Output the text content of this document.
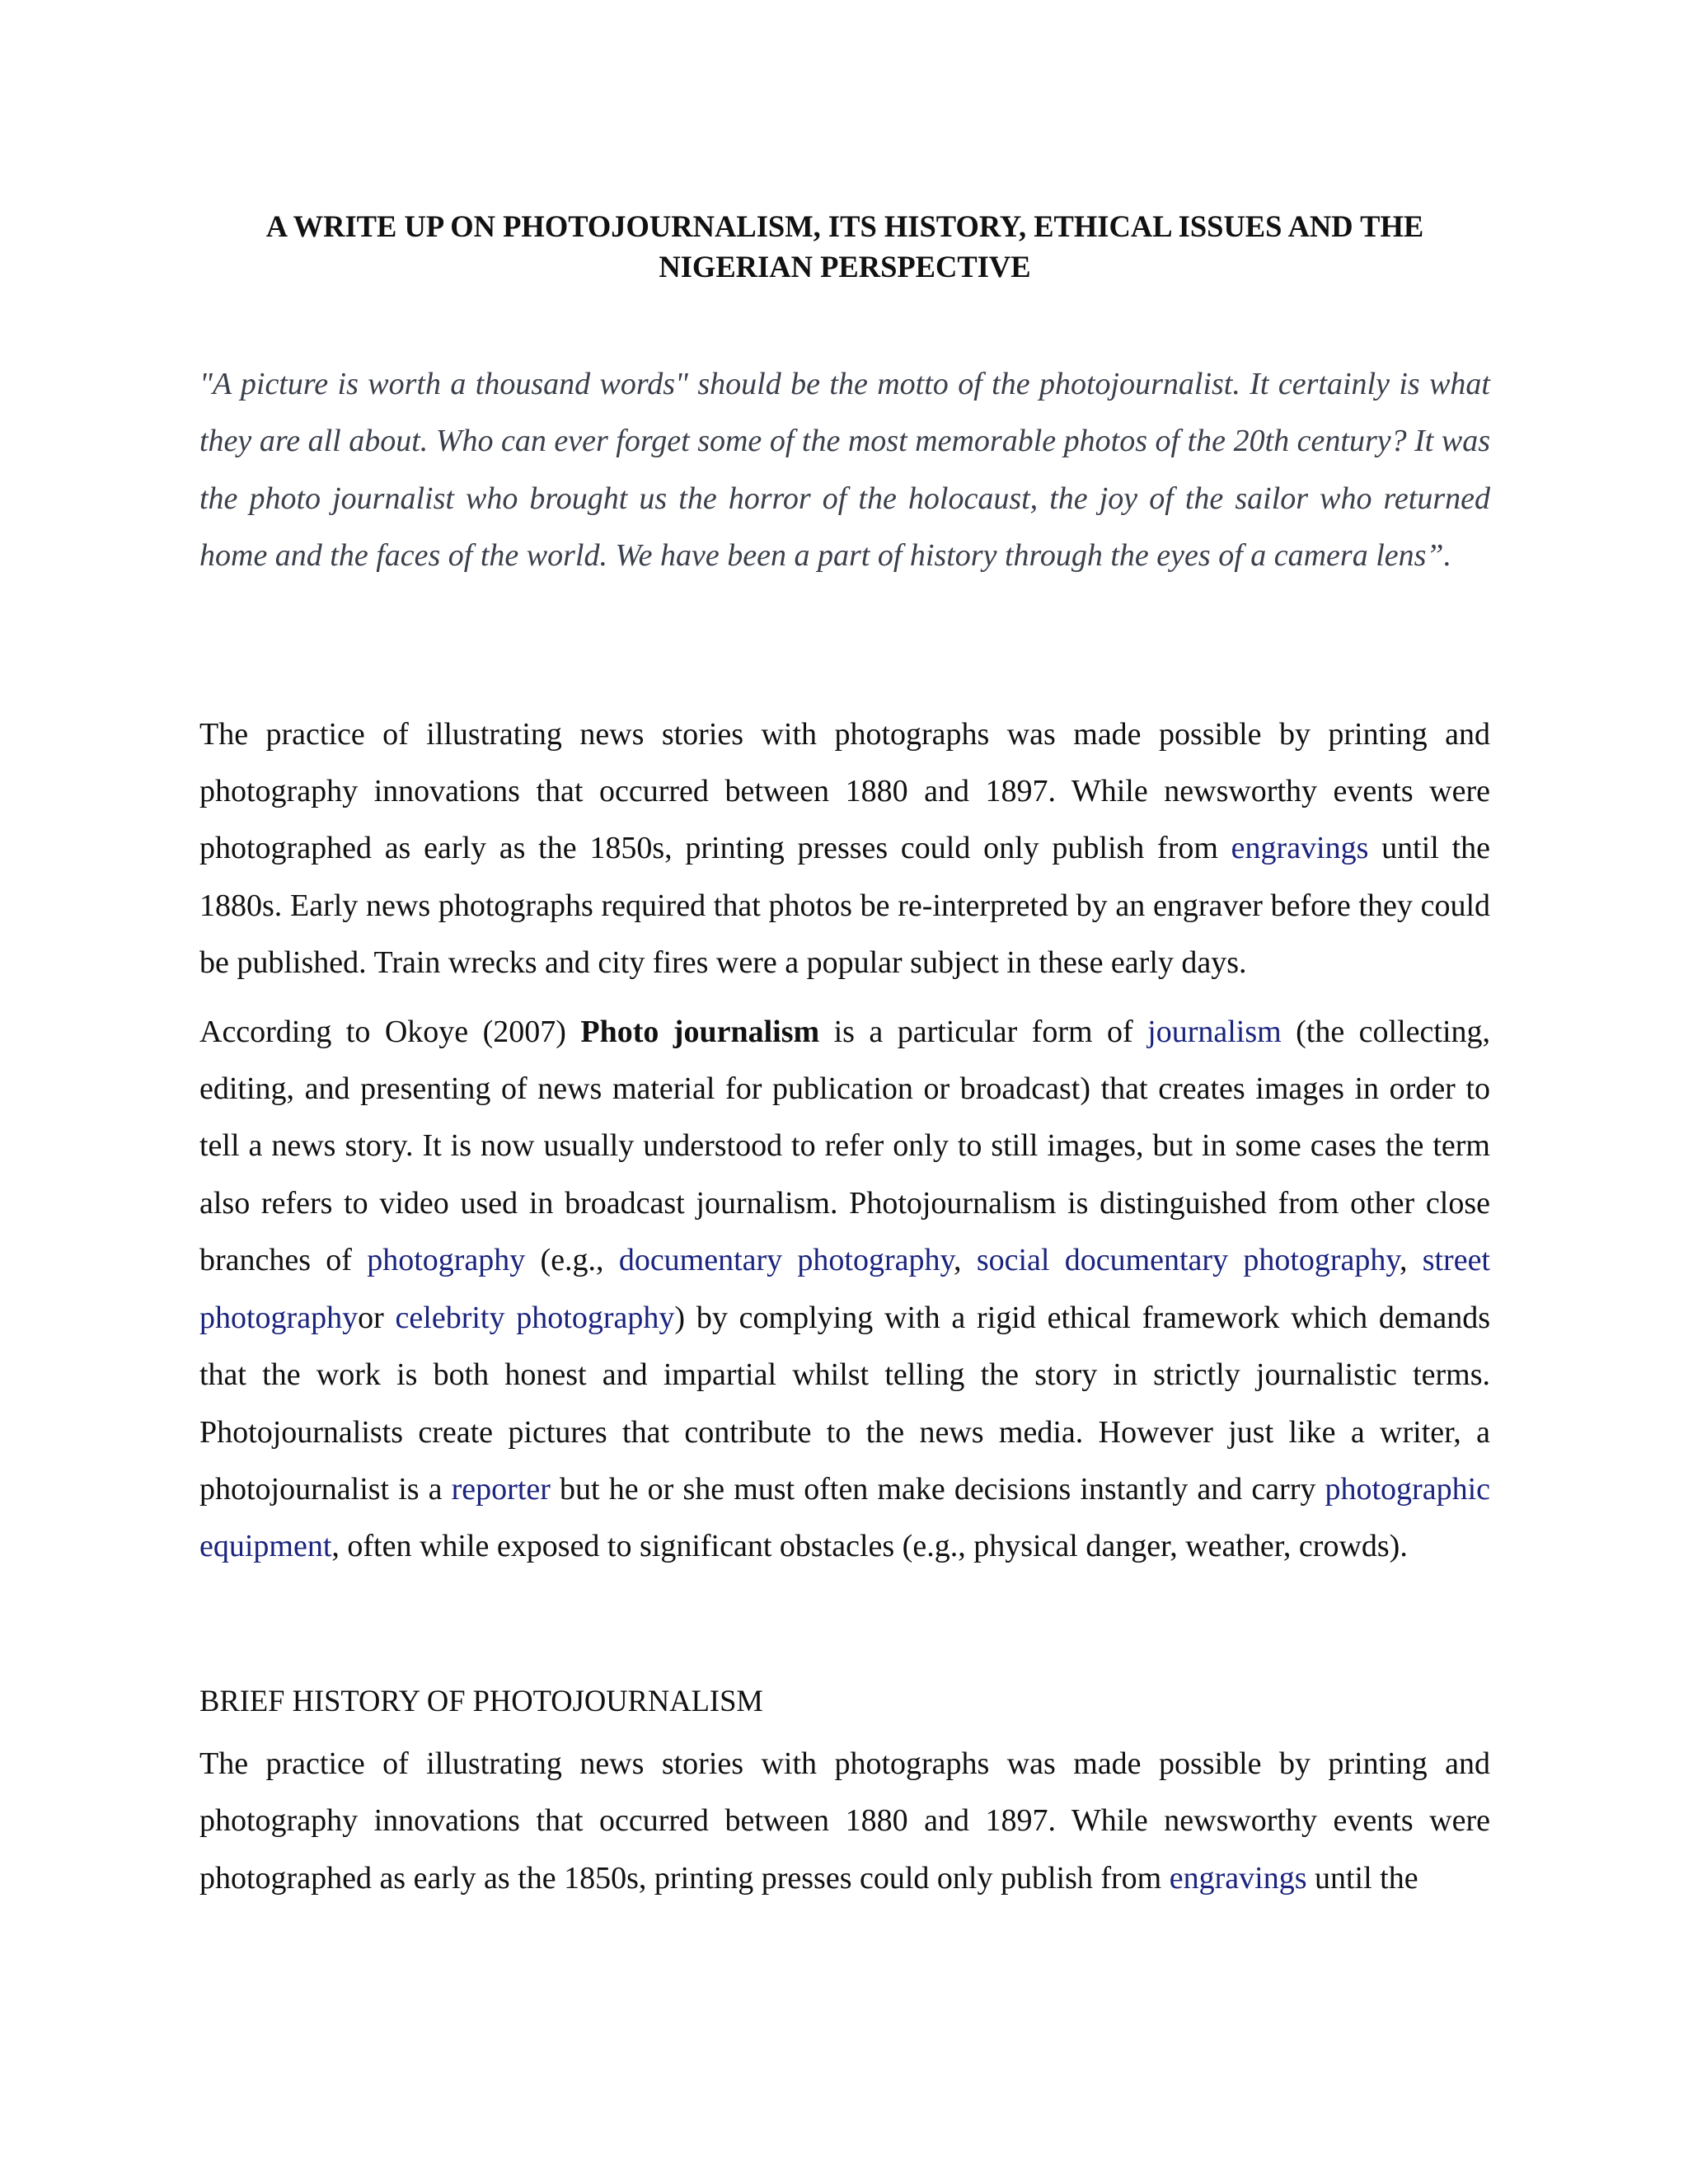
A WRITE UP ON PHOTOJOURNALISM, ITS HISTORY, ETHICAL ISSUES AND THE
NIGERIAN PERSPECTIVE
"A picture is worth a thousand words" should be the motto of the photojournalist. It certainly is what they are all about. Who can ever forget some of the most memorable photos of the 20th century? It was the photo journalist who brought us the horror of the holocaust, the joy of the sailor who returned home and the faces of the world. We have been a part of history through the eyes of a camera lens”.

The practice of illustrating news stories with photographs was made possible by printing and photography innovations that occurred between 1880 and 1897. While newsworthy events were photographed as early as the 1850s, printing presses could only publish from engravings until the 1880s. Early news photographs required that photos be re-interpreted by an engraver before they could be published. Train wrecks and city fires were a popular subject in these early days.

According to Okoye (2007) Photo journalism is a particular form of journalism (the collecting, editing, and presenting of news material for publication or broadcast) that creates images in order to tell a news story. It is now usually understood to refer only to still images, but in some cases the term also refers to video used in broadcast journalism. Photojournalism is distinguished from other close branches of photography (e.g., documentary photography, social documentary photography, street photographyor celebrity photography) by complying with a rigid ethical framework which demands that the work is both honest and impartial whilst telling the story in strictly journalistic terms. Photojournalists create pictures that contribute to the news media. However just like a writer, a photojournalist is a reporter but he or she must often make decisions instantly and carry photographic equipment, often while exposed to significant obstacles (e.g., physical danger, weather, crowds).

BRIEF HISTORY OF PHOTOJOURNALISM

The practice of illustrating news stories with photographs was made possible by printing and photography innovations that occurred between 1880 and 1897. While newsworthy events were photographed as early as the 1850s, printing presses could only publish from engravings until the
